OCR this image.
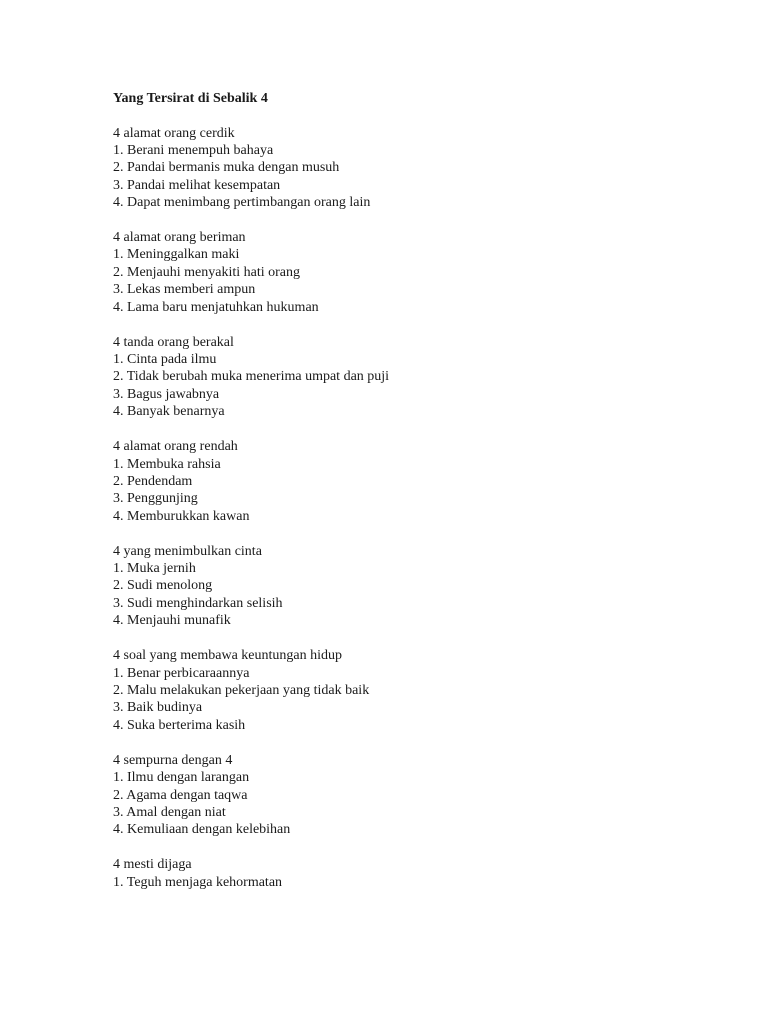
Yang Tersirat di Sebalik 4
4 alamat orang cerdik
1. Berani menempuh bahaya
2. Pandai bermanis muka dengan musuh
3. Pandai melihat kesempatan
4. Dapat menimbang pertimbangan orang lain
4 alamat orang beriman
1. Meninggalkan maki
2. Menjauhi menyakiti hati orang
3. Lekas memberi ampun
4. Lama baru menjatuhkan hukuman
4 tanda orang berakal
1. Cinta pada ilmu
2. Tidak berubah muka menerima umpat dan puji
3. Bagus jawabnya
4. Banyak benarnya
4 alamat orang rendah
1. Membuka rahsia
2. Pendendam
3. Penggunjing
4. Memburukkan kawan
4 yang menimbulkan cinta
1. Muka jernih
2. Sudi menolong
3. Sudi menghindarkan selisih
4. Menjauhi munafik
4 soal yang membawa keuntungan hidup
1. Benar perbicaraannya
2. Malu melakukan pekerjaan yang tidak baik
3. Baik budinya
4. Suka berterima kasih
4 sempurna dengan 4
1. Ilmu dengan larangan
2. Agama dengan taqwa
3. Amal dengan niat
4. Kemuliaan dengan kelebihan
4 mesti dijaga
1. Teguh menjaga kehormatan
